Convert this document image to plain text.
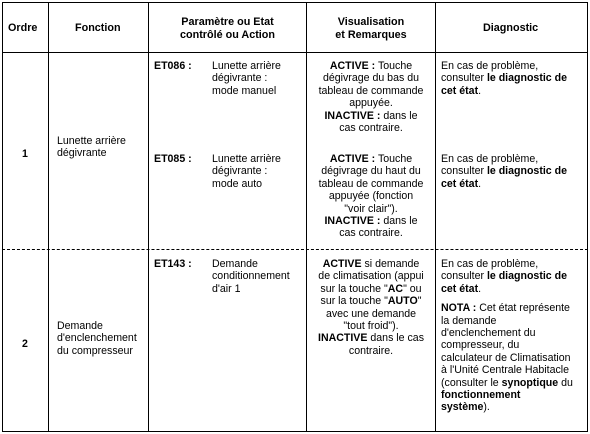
Ordre	Fonction	Paramètre ou Etat
contrôlé ou Action
Visualisation
et Remarques
Diagnostic
1
Lunette arrière
dégivrante
ET086 : Lunette arrière
dégivrante :
mode manuel
ACTIVE : Touche
dégivrage du bas du
tableau de commande
appuyée.
INACTIVE : dans le
cas contraire.
En cas de problème,
consulter le diagnostic de
cet état.
ET085 : Lunette arrière
dégivrante :
mode auto
ACTIVE : Touche
dégivrage du haut du
tableau de commande
appuyée (fonction
"voir clair").
INACTIVE : dans le
cas contraire.
En cas de problème,
consulter le diagnostic de
cet état.
2
Demande
d'enclenchement
du compresseur
ET143 : Demande
conditionnement
d'air 1
ACTIVE si demande
de climatisation (appui
sur la touche "AC" ou
sur la touche "AUTO"
avec une demande
"tout froid").
INACTIVE dans le cas
contraire.
En cas de problème,
consulter le diagnostic de
cet état.
NOTA : Cet état représente
la demande
d'enclenchement du
compresseur, du
calculateur de Climatisation
à l'Unité Centrale Habitacle
(consulter le synoptique du
fonctionnement
système).
